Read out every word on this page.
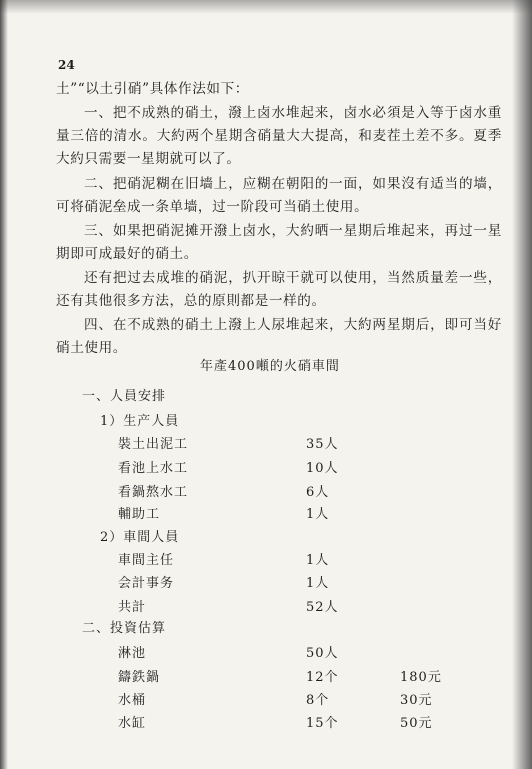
24

土”“以土引硝”具体作法如下：

一、把不成熟的硝土，潑上卤水堆起来，卤水必須是入等于卤水重量三倍的清水。大約两个星期含硝量大大提高，和麦茬土差不多。夏季大約只需要一星期就可以了。

二、把硝泥糊在旧墙上，应糊在朝阳的一面，如果沒有适当的墙，可将硝泥垒成一条单墙，过一阶段可当硝土使用。

三、如果把硝泥摊开潑上卤水，大約晒一星期后堆起来，再过一星期即可成最好的硝土。

还有把过去成堆的硝泥，扒开晾干就可以使用，当然质量差一些，还有其他很多方法，总的原則都是一样的。

四、在不成熟的硝土上潑上人尿堆起来，大約两星期后，即可当好硝土使用。

年產400噸的火硝車間
一、人員安排
1）生产人員
裝土出泥工	35人
看池上水工	10人
看鍋熬水工	6人
輔助工	1人
2）車間人員
車間主任	1人
会計事务	1人
共計	52人
二、投資估算
淋池	50人
鑄鉄鍋	12个	180元
水桶	8个	30元
水缸	15个	50元
